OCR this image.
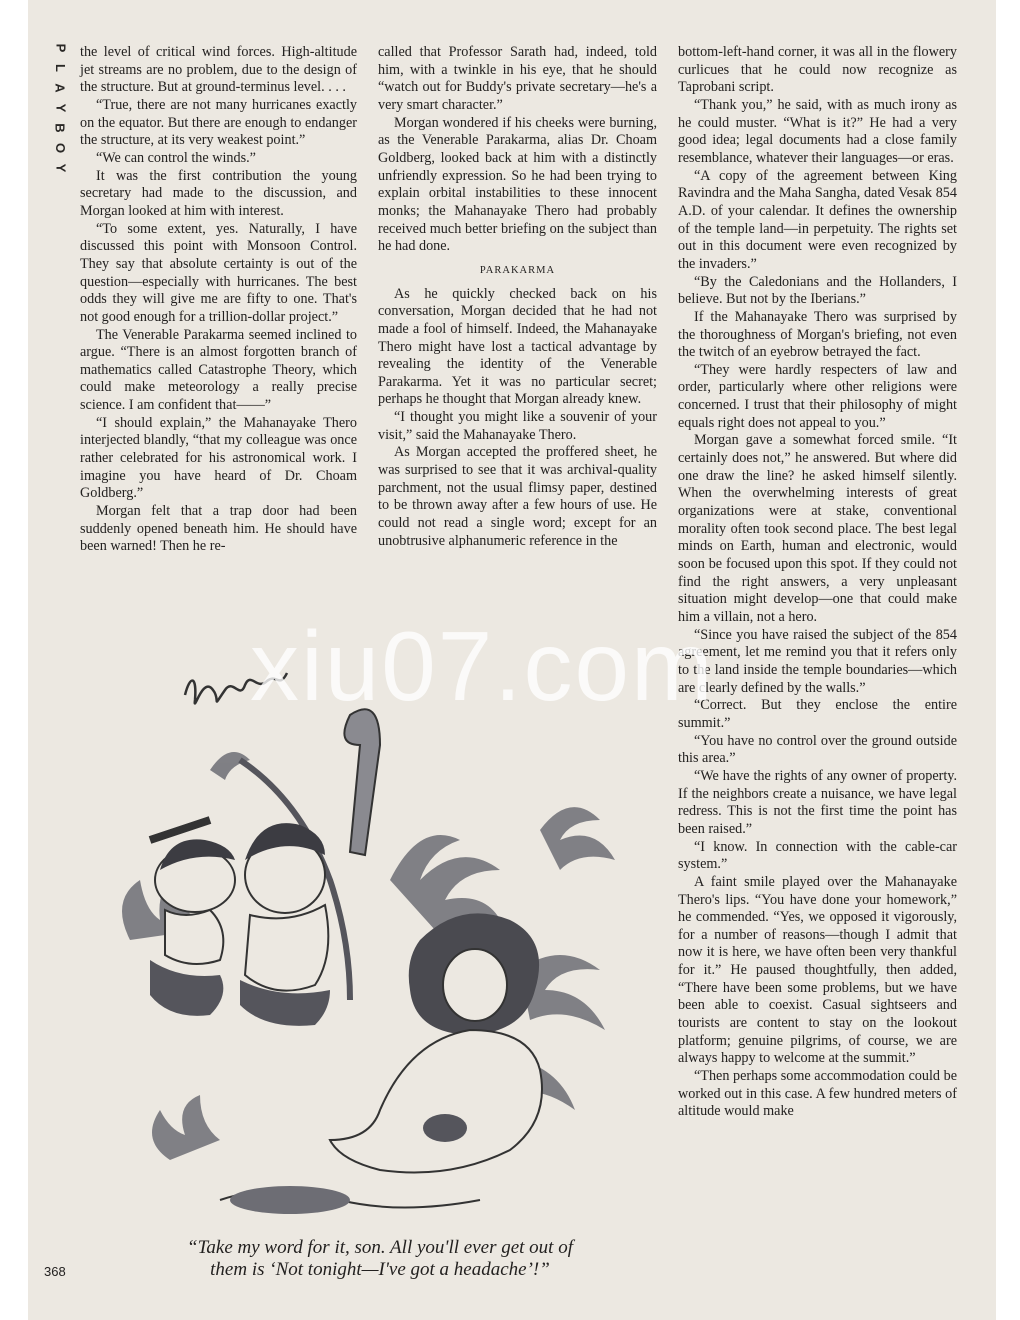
P
L
A
Y
B
O
Y

the level of critical wind forces. High-altitude jet streams are no problem, due to the design of the structure. But at ground-terminus level. . . .

“True, there are not many hurricanes exactly on the equator. But there are enough to endanger the structure, at its very weakest point.”

“We can control the winds.”

It was the first contribution the young secretary had made to the discussion, and Morgan looked at him with interest.

“To some extent, yes. Naturally, I have discussed this point with Monsoon Control. They say that absolute certainty is out of the question—especially with hurricanes. The best odds they will give me are fifty to one. That's not good enough for a trillion-dollar project.”

The Venerable Parakarma seemed inclined to argue. “There is an almost forgotten branch of mathematics called Catastrophe Theory, which could make meteorology a really precise science. I am confident that——”

“I should explain,” the Mahanayake Thero interjected blandly, “that my colleague was once rather celebrated for his astronomical work. I imagine you have heard of Dr. Choam Goldberg.”

Morgan felt that a trap door had been suddenly opened beneath him. He should have been warned! Then he re-

called that Professor Sarath had, indeed, told him, with a twinkle in his eye, that he should “watch out for Buddy's private secretary—he's a very smart character.”

Morgan wondered if his cheeks were burning, as the Venerable Parakarma, alias Dr. Choam Goldberg, looked back at him with a distinctly unfriendly expression. So he had been trying to explain orbital instabilities to these innocent monks; the Mahanayake Thero had probably received much better briefing on the subject than he had done.

PARAKARMA

As he quickly checked back on his conversation, Morgan decided that he had not made a fool of himself. Indeed, the Mahanayake Thero might have lost a tactical advantage by revealing the identity of the Venerable Parakarma. Yet it was no particular secret; perhaps he thought that Morgan already knew.

“I thought you might like a souvenir of your visit,” said the Mahanayake Thero.

As Morgan accepted the proffered sheet, he was surprised to see that it was archival-quality parchment, not the usual flimsy paper, destined to be thrown away after a few hours of use. He could not read a single word; except for an unobtrusive alphanumeric reference in the

bottom-left-hand corner, it was all in the flowery curlicues that he could now recognize as Taprobani script.

“Thank you,” he said, with as much irony as he could muster. “What is it?” He had a very good idea; legal documents had a close family resemblance, whatever their languages—or eras.

“A copy of the agreement between King Ravindra and the Maha Sangha, dated Vesak 854 A.D. of your calendar. It defines the ownership of the temple land—in perpetuity. The rights set out in this document were even recognized by the invaders.”

“By the Caledonians and the Hollanders, I believe. But not by the Iberians.”

If the Mahanayake Thero was surprised by the thoroughness of Morgan's briefing, not even the twitch of an eyebrow betrayed the fact.

“They were hardly respecters of law and order, particularly where other religions were concerned. I trust that their philosophy of might equals right does not appeal to you.”

Morgan gave a somewhat forced smile. “It certainly does not,” he answered. But where did one draw the line? he asked himself silently. When the overwhelming interests of great organizations were at stake, conventional morality often took second place. The best legal minds on Earth, human and electronic, would soon be focused upon this spot. If they could not find the right answers, a very unpleasant situation might develop—one that could make him a villain, not a hero.

“Since you have raised the subject of the 854 agreement, let me remind you that it refers only to the land inside the temple boundaries—which are clearly defined by the walls.”

“Correct. But they enclose the entire summit.”

“You have no control over the ground outside this area.”

“We have the rights of any owner of property. If the neighbors create a nuisance, we have legal redress. This is not the first time the point has been raised.”

“I know. In connection with the cable-car system.”

A faint smile played over the Mahanayake Thero's lips. “You have done your homework,” he commended. “Yes, we opposed it vigorously, for a number of reasons—though I admit that now it is here, we have often been very thankful for it.” He paused thoughtfully, then added, “There have been some problems, but we have been able to coexist. Casual sightseers and tourists are content to stay on the lookout platform; genuine pilgrims, of course, we are always happy to welcome at the summit.”

“Then perhaps some accommodation could be worked out in this case. A few hundred meters of altitude would make

xiu07.com
“Take my word for it, son. All you'll ever get out of
them is ‘Not tonight—I've got a headache’!”
368
